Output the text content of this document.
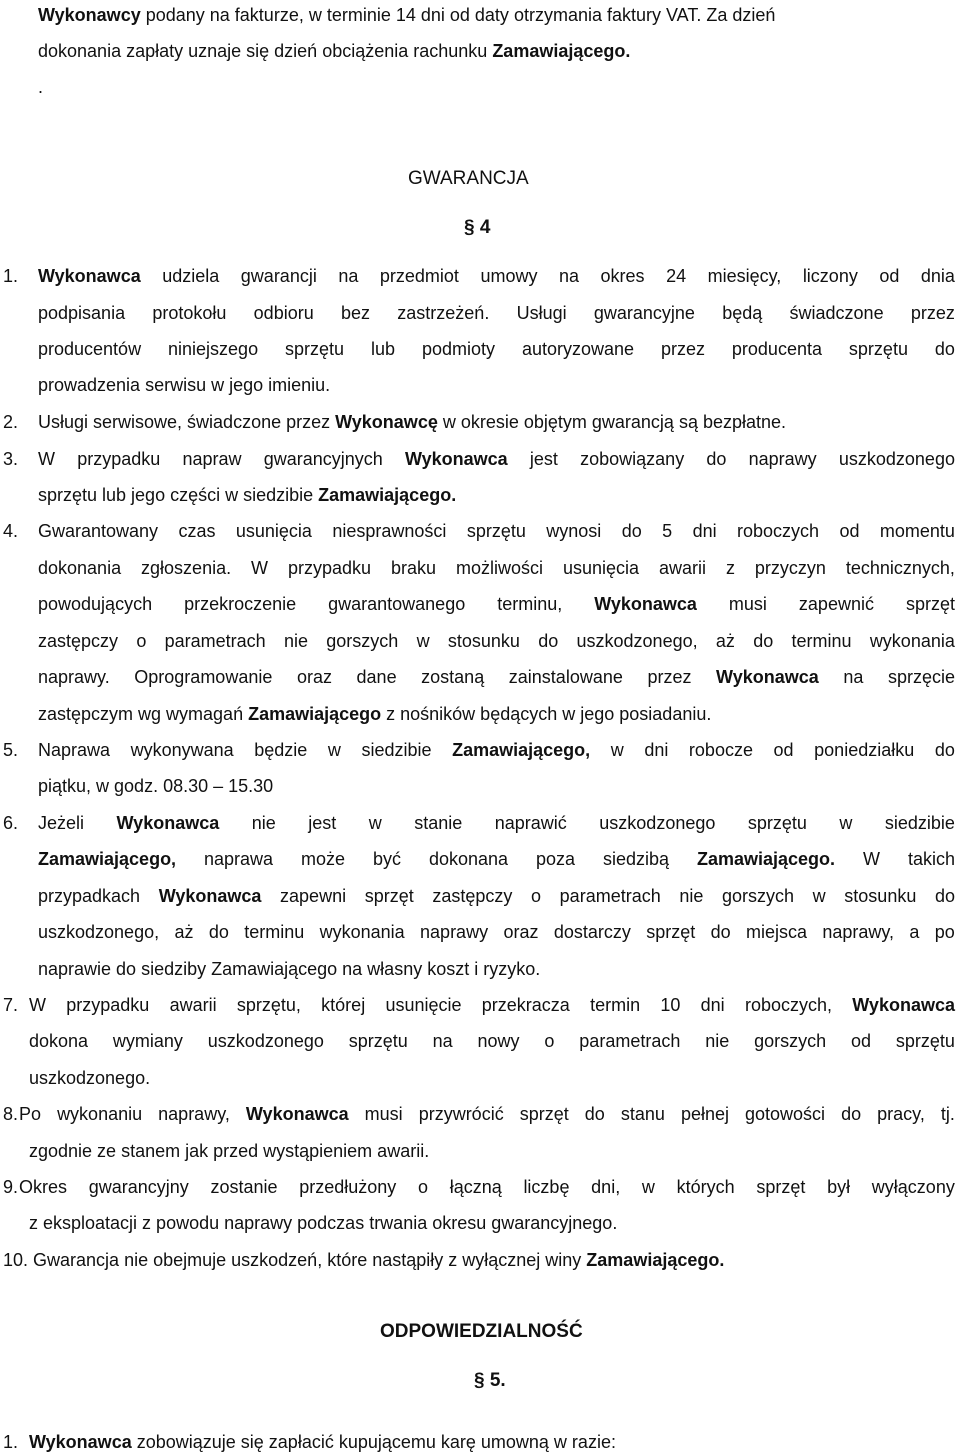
Wykonawcy podany na fakturze, w terminie 14 dni od daty otrzymania faktury VAT. Za dzień
dokonania zapłaty uznaje się dzień obciążenia rachunku Zamawiającego.
.
GWARANCJA
§ 4
1. Wykonawca udziela gwarancji na przedmiot umowy na okres 24 miesięcy, liczony od dnia
podpisania protokołu odbioru bez zastrzeżeń. Usługi gwarancyjne będą świadczone przez
producentów niniejszego sprzętu lub podmioty autoryzowane przez producenta sprzętu do
prowadzenia serwisu w jego imieniu.
2. Usługi serwisowe, świadczone przez Wykonawcę w okresie objętym gwarancją są bezpłatne.
3. W przypadku napraw gwarancyjnych Wykonawca jest zobowiązany do naprawy uszkodzonego
sprzętu lub jego części w siedzibie Zamawiającego.
4. Gwarantowany czas usunięcia niesprawności sprzętu wynosi do 5 dni roboczych od momentu
dokonania zgłoszenia. W przypadku braku możliwości usunięcia awarii z przyczyn technicznych,
powodujących przekroczenie gwarantowanego terminu, Wykonawca musi zapewnić sprzęt
zastępczy o parametrach nie gorszych w stosunku do uszkodzonego, aż do terminu wykonania
naprawy. Oprogramowanie oraz dane zostaną zainstalowane przez Wykonawca na sprzęcie
zastępczym wg wymagań Zamawiającego z nośników będących w jego posiadaniu.
5. Naprawa wykonywana będzie w siedzibie Zamawiającego, w dni robocze od poniedziałku do
piątku, w godz. 08.30 – 15.30
6. Jeżeli Wykonawca nie jest w stanie naprawić uszkodzonego sprzętu w siedzibie
Zamawiającego, naprawa może być dokonana poza siedzibą Zamawiającego. W takich
przypadkach Wykonawca zapewni sprzęt zastępczy o parametrach nie gorszych w stosunku do
uszkodzonego, aż do terminu wykonania naprawy oraz dostarczy sprzęt do miejsca naprawy, a po
naprawie do siedziby Zamawiającego na własny koszt i ryzyko.
7. W przypadku awarii sprzętu, której usunięcie przekracza termin 10 dni roboczych, Wykonawca
dokona wymiany uszkodzonego sprzętu na nowy o parametrach nie gorszych od sprzętu
uszkodzonego.
8. Po wykonaniu naprawy, Wykonawca musi przywrócić sprzęt do stanu pełnej gotowości do pracy, tj.
zgodnie ze stanem jak przed wystąpieniem awarii.
9. Okres gwarancyjny zostanie przedłużony o łączną liczbę dni, w których sprzęt był wyłączony
z eksploatacji z powodu naprawy podczas trwania okresu gwarancyjnego.
10. Gwarancja nie obejmuje uszkodzeń, które nastąpiły z wyłącznej winy Zamawiającego.
ODPOWIEDZIALNOŚĆ
§ 5.
1. Wykonawca zobowiązuje się zapłacić kupującemu karę umowną w razie:
